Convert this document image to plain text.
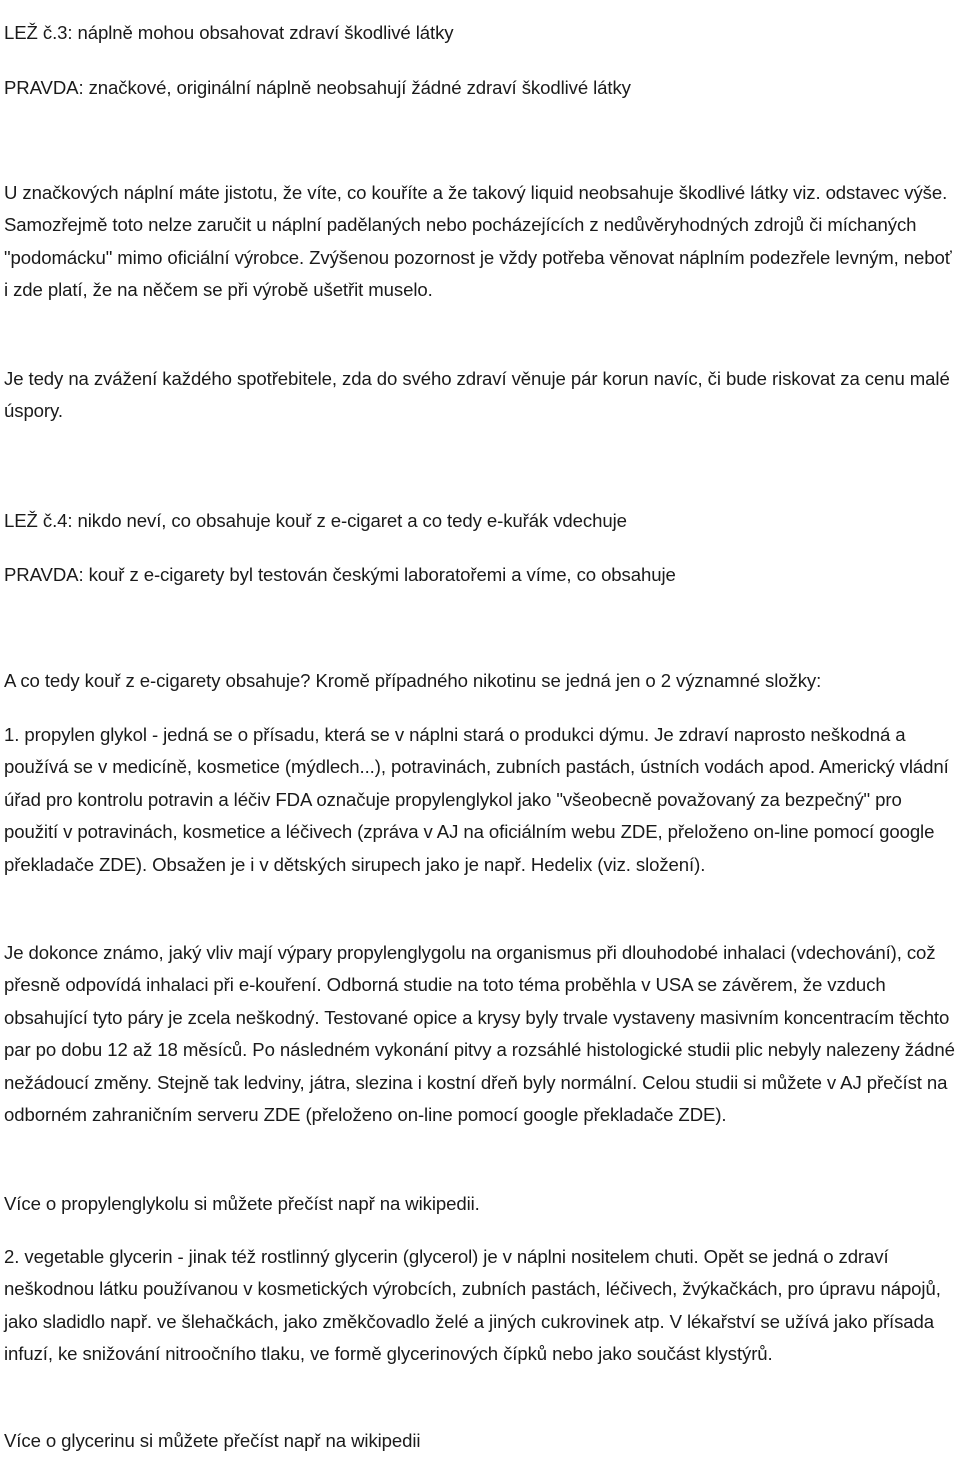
LEŽ č.3: náplně mohou obsahovat zdraví škodlivé látky

PRAVDA: značkové, originální náplně neobsahují žádné zdraví škodlivé látky

U značkových náplní máte jistotu, že víte, co kouříte a že takový liquid neobsahuje škodlivé látky viz. odstavec výše. Samozřejmě toto nelze zaručit u náplní padělaných nebo pocházejících z nedůvěryhodných zdrojů či míchaných "podomácku" mimo oficiální výrobce. Zvýšenou pozornost je vždy potřeba věnovat náplním podezřele levným, neboť i zde platí, že na něčem se při výrobě ušetřit muselo.

Je tedy na zvážení každého spotřebitele, zda do svého zdraví věnuje pár korun navíc, či bude riskovat za cenu malé úspory.

LEŽ č.4: nikdo neví, co obsahuje kouř z e-cigaret a co tedy e-kuřák vdechuje

PRAVDA: kouř z e-cigarety byl testován českými laboratořemi a víme, co obsahuje

A co tedy kouř z e-cigarety obsahuje? Kromě případného nikotinu se jedná jen o 2 významné složky:

1. propylen glykol - jedná se o přísadu, která se v náplni stará o produkci dýmu. Je zdraví naprosto neškodná a používá se v medicíně, kosmetice (mýdlech...), potravinách, zubních pastách, ústních vodách apod. Americký vládní úřad pro kontrolu potravin a léčiv FDA označuje propylenglykol jako "všeobecně považovaný za bezpečný" pro použití v potravinách, kosmetice a léčivech (zpráva v AJ na oficiálním webu ZDE, přeloženo on-line pomocí google překladače ZDE). Obsažen je i v dětských sirupech jako je např. Hedelix (viz. složení).

Je dokonce známo, jaký vliv mají výpary propylenglygolu na organismus při dlouhodobé inhalaci (vdechování), což přesně odpovídá inhalaci při e-kouření. Odborná studie na toto téma proběhla v USA se závěrem, že vzduch obsahující tyto páry je zcela neškodný. Testované opice a krysy byly trvale vystaveny masivním koncentracím těchto par po dobu 12 až 18 měsíců. Po následném vykonání pitvy a rozsáhlé histologické studii plic nebyly nalezeny žádné nežádoucí změny. Stejně tak ledviny, játra, slezina i kostní dřeň byly normální. Celou studii si můžete v AJ přečíst na odborném zahraničním serveru ZDE (přeloženo on-line pomocí google překladače ZDE).

Více o propylenglykolu si můžete přečíst např na wikipedii.

2. vegetable glycerin - jinak též rostlinný glycerin (glycerol) je v náplni nositelem chuti. Opět se jedná o zdraví neškodnou látku používanou v kosmetických výrobcích, zubních pastách, léčivech, žvýkačkách, pro úpravu nápojů, jako sladidlo např. ve šlehačkách, jako změkčovadlo želé a jiných cukrovinek atp. V lékařství se užívá jako přísada infuzí, ke snižování nitroočního tlaku, ve formě glycerinových čípků nebo jako součást klystýrů.

Více o glycerinu si můžete přečíst např na wikipedii
